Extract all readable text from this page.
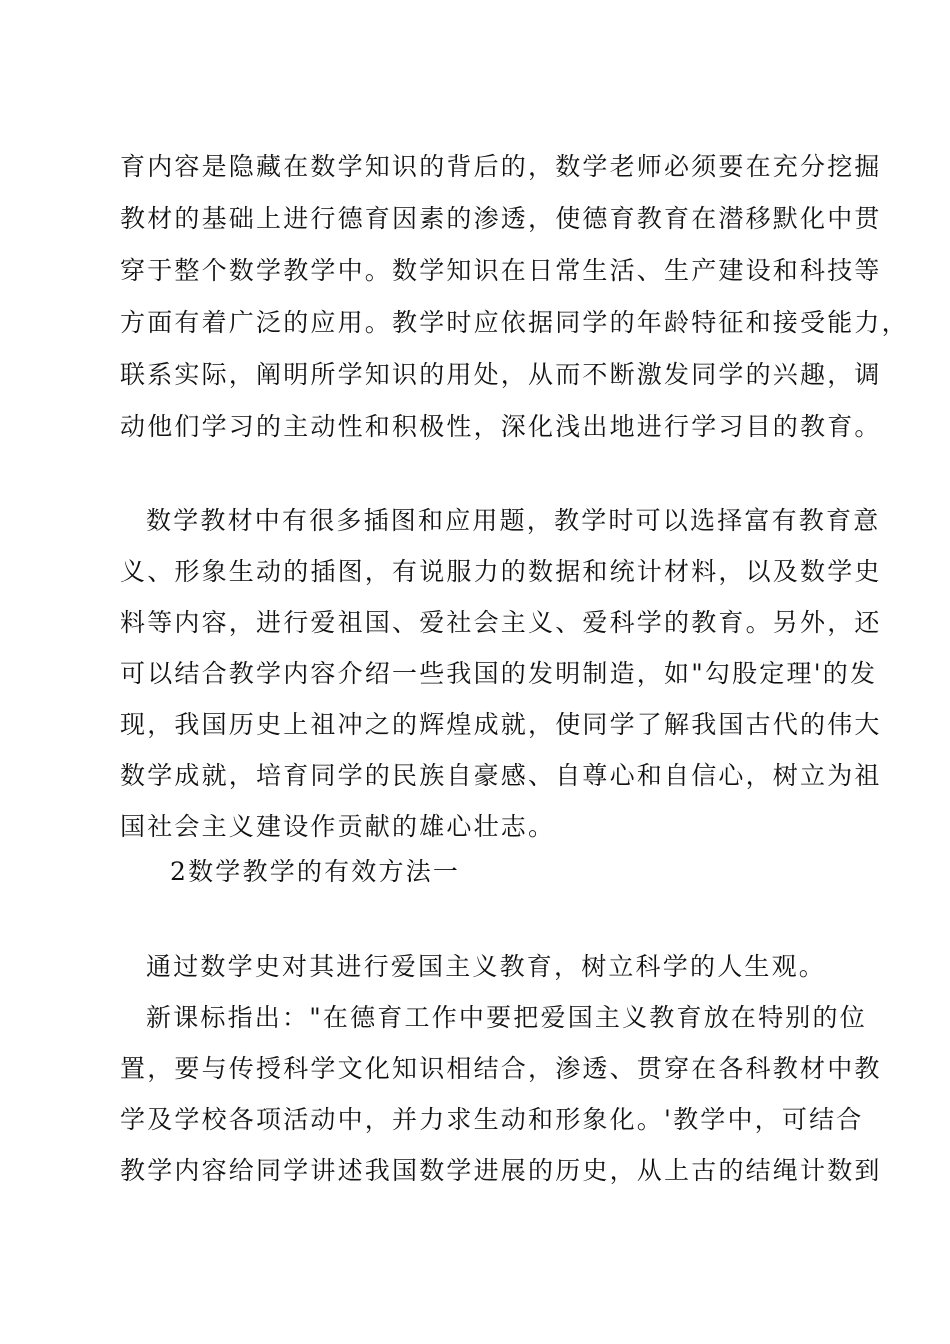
育内容是隐藏在数学知识的背后的，数学老师必须要在充分挖掘
教材的基础上进行德育因素的渗透，使德育教育在潜移默化中贯
穿于整个数学教学中。数学知识在日常生活、生产建设和科技等
方面有着广泛的应用。教学时应依据同学的年龄特征和接受能力，
联系实际，阐明所学知识的用处，从而不断激发同学的兴趣，调
动他们学习的主动性和积极性，深化浅出地进行学习目的教育。
数学教材中有很多插图和应用题，教学时可以选择富有教育意
义、形象生动的插图，有说服力的数据和统计材料，以及数学史
料等内容，进行爱祖国、爱社会主义、爱科学的教育。另外，还
可以结合教学内容介绍一些我国的发明制造，如"勾股定理'的发
现，我国历史上祖冲之的辉煌成就，使同学了解我国古代的伟大
数学成就，培育同学的民族自豪感、自尊心和自信心，树立为祖
国社会主义建设作贡献的雄心壮志。
2数学教学的有效方法一
通过数学史对其进行爱国主义教育，树立科学的人生观。
新课标指出："在德育工作中要把爱国主义教育放在特别的位
置，要与传授科学文化知识相结合，渗透、贯穿在各科教材中教
学及学校各项活动中，并力求生动和形象化。'教学中，可结合
教学内容给同学讲述我国数学进展的历史，从上古的结绳计数到
